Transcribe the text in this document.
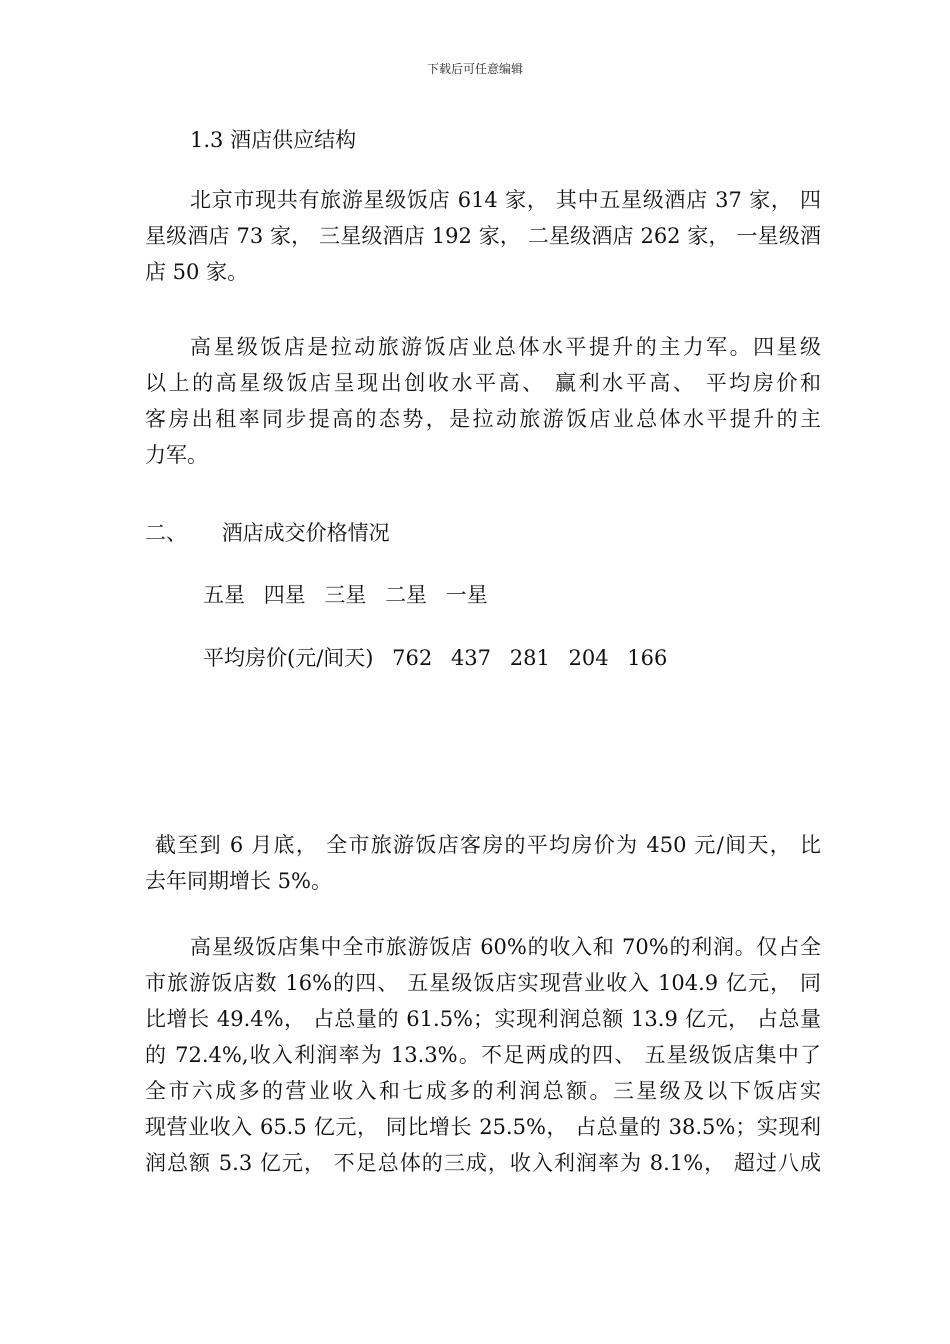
下载后可任意编辑
1.3 酒店供应结构
北京市现共有旅游星级饭店 614 家， 其中五星级酒店 37 家， 四
星级酒店 73 家， 三星级酒店 192 家， 二星级酒店 262 家， 一星级酒
店 50 家。
高星级饭店是拉动旅游饭店业总体水平提升的主力军。四星级
以上的高星级饭店呈现出创收水平高、 赢利水平高、 平均房价和
客房出租率同步提高的态势，是拉动旅游饭店业总体水平提升的主
力军。
二、 酒店成交价格情况
五星 四星 三星 二星 一星
平均房价(元/间天) 762 437 281 204 166
截至到 6 月底， 全市旅游饭店客房的平均房价为 450 元/间天， 比
去年同期增长 5%。
高星级饭店集中全市旅游饭店 60%的收入和 70%的利润。仅占全
市旅游饭店数 16%的四、 五星级饭店实现营业收入 104.9 亿元， 同
比增长 49.4%， 占总量的 61.5%；实现利润总额 13.9 亿元， 占总量
的 72.4%,收入利润率为 13.3%。不足两成的四、 五星级饭店集中了
全市六成多的营业收入和七成多的利润总额。三星级及以下饭店实
现营业收入 65.5 亿元， 同比增长 25.5%， 占总量的 38.5%；实现利
润总额 5.3 亿元， 不足总体的三成，收入利润率为 8.1%， 超过八成
